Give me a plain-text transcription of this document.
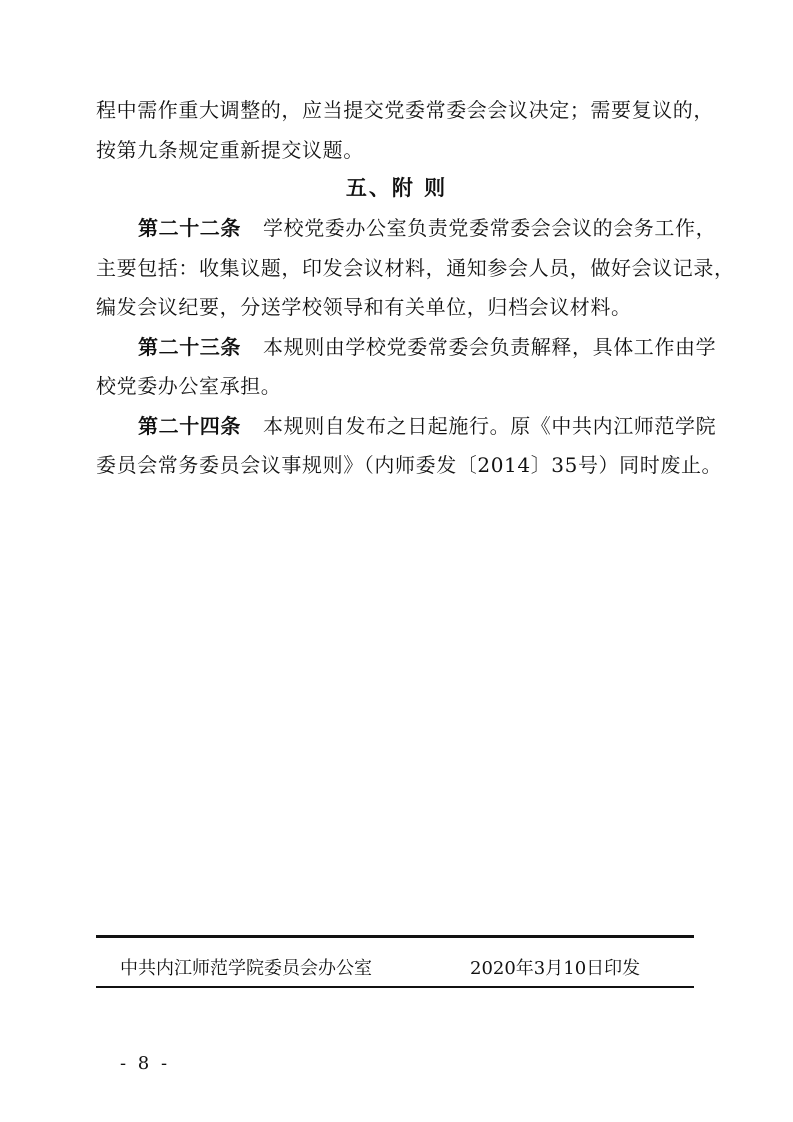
程中需作重大调整的，应当提交党委常委会会议决定；需要复议的，
按第九条规定重新提交议题。
五、附 则
第二十二条 学校党委办公室负责党委常委会会议的会务工作，
主要包括：收集议题，印发会议材料，通知参会人员，做好会议记录，
编发会议纪要，分送学校领导和有关单位，归档会议材料。
第二十三条 本规则由学校党委常委会负责解释，具体工作由学
校党委办公室承担。
第二十四条 本规则自发布之日起施行。原《中共内江师范学院
委员会常务委员会议事规则》（内师委发〔2014〕35号）同时废止。
中共内江师范学院委员会办公室	2020年3月10日印发
- 8 -
